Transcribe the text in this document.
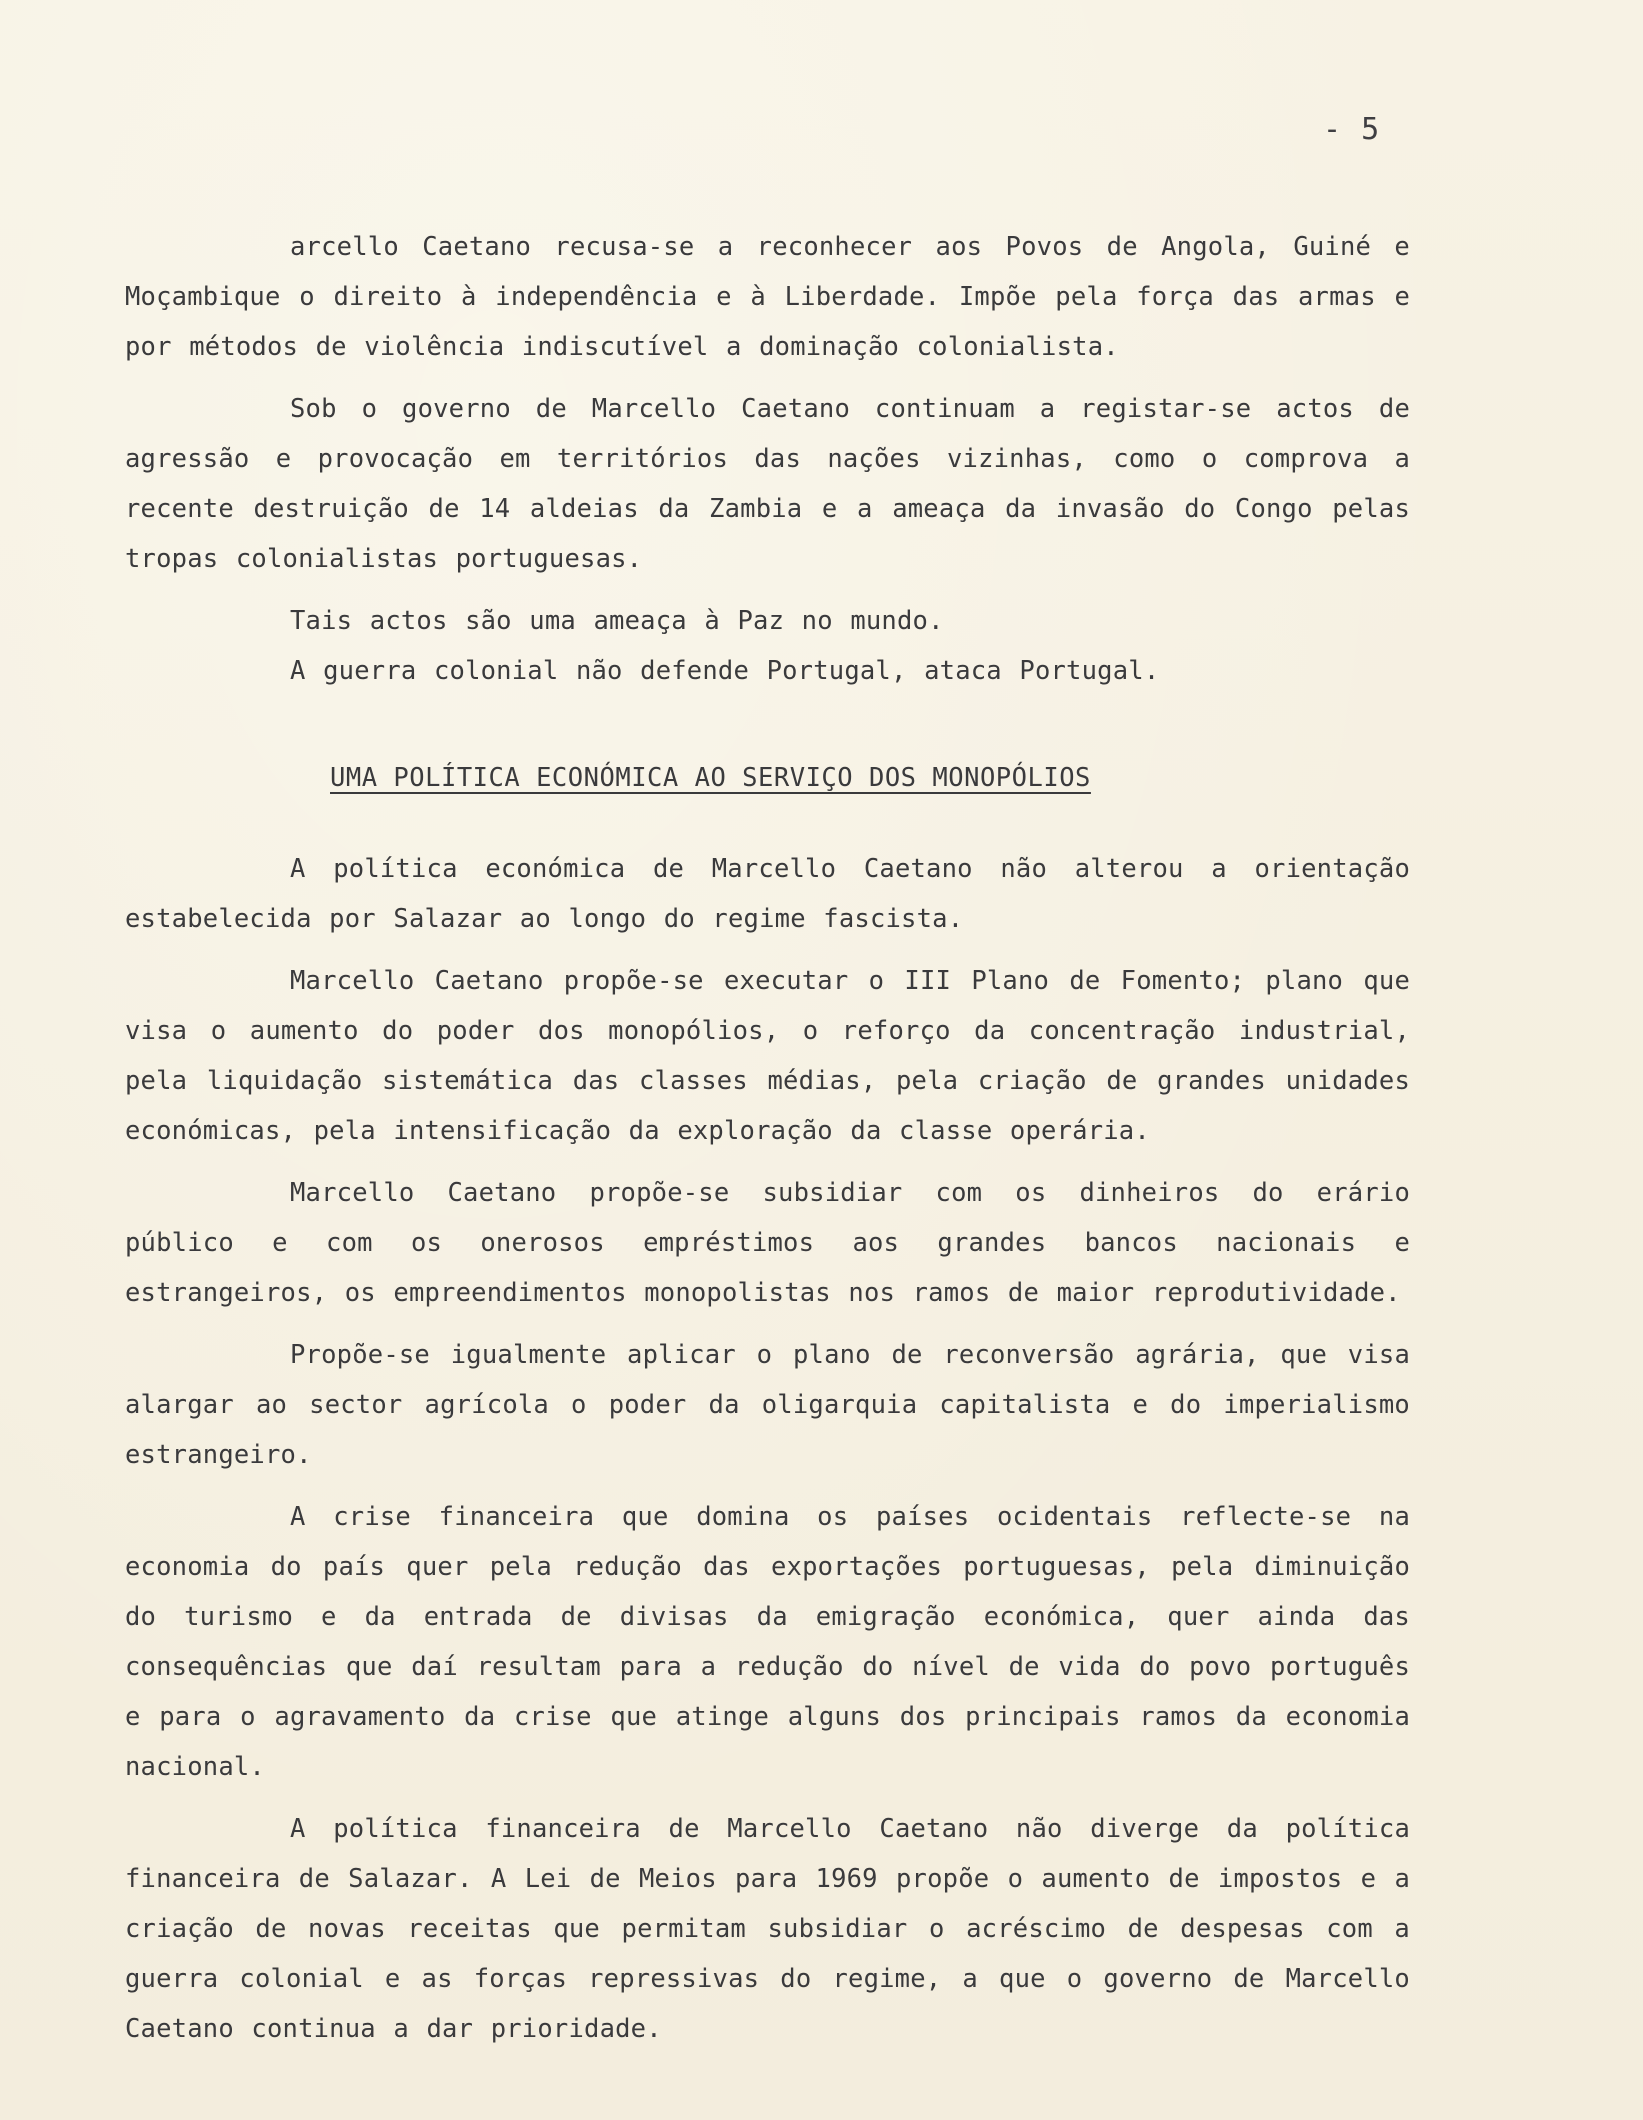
- 5

arcello Caetano recusa-se a reconhecer aos Povos de Angola, Guiné e Moçambique o direito à independência e à Liberdade. Impõe pela força das armas e por métodos de violência indiscutível a dominação colonialista.

Sob o governo de Marcello Caetano continuam a registar-se actos de agressão e provocação em territórios das nações vizinhas, como o comprova a recente destruição de 14 aldeias da Zambia e a ameaça da invasão do Congo pelas tropas colonialistas portuguesas.

Tais actos são uma ameaça à Paz no mundo.

A guerra colonial não defende Portugal, ataca Portugal.

UMA POLÍTICA ECONÓMICA AO SERVIÇO DOS MONOPÓLIOS

A política económica de Marcello Caetano não alterou a orientação estabelecida por Salazar ao longo do regime fascista.

Marcello Caetano propõe-se executar o III Plano de Fomento; plano que visa o aumento do poder dos monopólios, o reforço da concentração industrial, pela liquidação sistemática das classes médias, pela criação de grandes unidades económicas, pela intensificação da exploração da classe operária.

Marcello Caetano propõe-se subsidiar com os dinheiros do erário público e com os onerosos empréstimos aos grandes bancos nacionais e estrangeiros, os empreendimentos monopolistas nos ramos de maior reprodutividade.

Propõe-se igualmente aplicar o plano de reconversão agrária, que visa alargar ao sector agrícola o poder da oligarquia capitalista e do imperialismo estrangeiro.

A crise financeira que domina os países ocidentais reflecte-se na economia do país quer pela redução das exportações portuguesas, pela diminuição do turismo e da entrada de divisas da emigração económica, quer ainda das consequências que daí resultam para a redução do nível de vida do povo português e para o agravamento da crise que atinge alguns dos principais ramos da economia nacional.

A política financeira de Marcello Caetano não diverge da política financeira de Salazar. A Lei de Meios para 1969 propõe o aumento de impostos e a criação de novas receitas que permitam subsidiar o acréscimo de despesas com a guerra colonial e as forças repressivas do regime, a que o governo de Marcello Caetano continua a dar prioridade.
